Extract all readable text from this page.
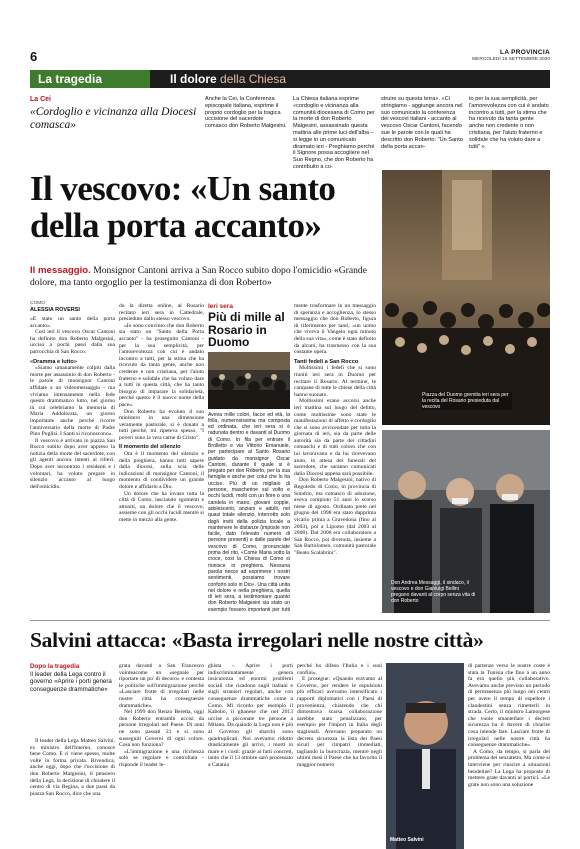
6	LA PROVINCIA
MERCOLEDÌ 16 SETTEMBRE 2020
La tragedia	Il dolore della Chiesa
La Cei
«Cordoglio e vicinanza alla Diocesi comasca»
Anche la Cei, la Conferenza episcopale italiana, esprime il proprio cordoglio per la tragica uccisione del sacerdote comasco don Roberto Malgesini.
La Chiesa italiana esprime «cordoglio e vicinanza alla comunità diocesana di Como per la morte di don Roberto Malgesini, assassinato questa mattina alle prime luci dell'alba – si legge in un comunicato diramato ieri - Preghiamo perché il Signore possa accogliere nel Suo Regno, che don Roberto ha contribuito a co-
struire su questa terra». «Ci stringiamo - aggiunge ancora nel suo comunicato la conferenza dei vescovi italiani - accanto al vescovo Oscar Cantoni, facendo sue le parole con le quali ha descritto don Roberto: "Un Santo della porta accan-
to per la sua semplicità, per l'amorevolezza con cui è andato incontro a tutti, per la stima che ha ricevuto da tanta gente anche non credente o non cristiana, per l'aiuto fraterno e solidale che ha voluto dare a tutti" ».
Il vescovo: «Un santo della porta accanto»
Il messaggio. Monsignor Cantoni arriva a San Rocco subito dopo l'omicidio «Grande dolore, ma tanto orgoglio per la testimonianza di don Roberto»
COMO
ALESSIA ROVERSI

«È stato un santo della porta accanto».

Così ieri il vescovo Oscar Cantoni ha definito don Roberto Malgesini, ucciso a pochi passi dalla sua parrocchia di San Rocco.

«Dramma e lutto»

«Siamo umanamente colpiti dalla morte per assassinio di don Roberto - le parole di monsignor Cantoni affidate a un videomessaggio - ma viviamo intensamente nella fede questo drammatico lutto, nel giorno in cui celebriamo la memoria di Maria Addolorata, un giorno importante anche perché ricorre l'anniversario della morte di Padre Pino Puglisi. I Santi si riconoscono».

Il vescovo è arrivato in piazza San Rocco subito dopo aver appreso la notizia della morte del sacerdote, con gli agenti ancora intenti ai rilievi. Dopo aver incontrato i residenti e i volontari, ha voluto pregare in silenzio accanto al luogo dell'omicidio.

do la diretta online, al Rosario recitato ieri sera in Cattedrale, presieduto dallo stesso vescovo.

«Io sono convinto che don Roberto sia stato un "Santo della Porta accanto" - ha proseguito Cantoni - per la sua semplicità, per l'amorevolezza con cui è andato incontro a tutti, per la stima che ha ricevuto da tanta gente, anche non credente e non cristiana, per l'aiuto fraterno e solidale che ha voluto dare a tutti in questa città, che ha tanto bisogno di imparare la solidarietà, perché questo è il nuovo nome della pace».

Don Roberto ha evoluto il suo ministero in una dimensione veramente pastorale, si è donato a tutti perché, mi ripeteva spesso, "I poveri sono la vera carne di Cristo".

Il momento del silenzio

Ora è il momento del silenzio e della preghiera, hanno tutti sapere dalla diocesi, sulla scia delle indicazioni di monsignor Cantoni, il momento di condividere un grande dolore e affidarlo a Dio.

Un dolore che ha invaso tutta la città di Como, lasciando sgomenti e attoniti, un dolore che il vescovo, assieme con gli occhi lucidi mentre si mette in mezzo alla gente.

Ieri sera
Più di mille al Rosario in Duomo
Aveva mille colori, facce ed età, la folla, numerosissima ma composta ed ordinata, che ieri sera si è radunata dentro e davanti al Duomo di Como. In fila per entrare il Brolletto e via Vittorio Emanuele, per partecipare al Santo Rosario guidato da monsignor Oscar Cantoni, durante il quale si è pregato per don Roberto, per la sua famiglia e anche per colui che lo ha ucciso. Più di un migliaio di persone, mascherine sul volto e occhi lucidi, molti con un fiore o una candela in mano, giovani coppie, adolescenti, anziani e adulti, nel quasi totale silenzio, interrotto solo dagli inviti della polizia locale a mantenere le distanze (imposte non facile, dato l'elevato numero di persone presenti) e dalle parole del vescovo di Como, pronunciate prima del rito, «Come Maria sotto la croce, così la Chiesa di Como si riunisce in preghiera. Nessuna parola riesce ad esprimere i nostri sentimenti, possiamo trovare conforto solo in Dio». Una città unita nel dolore e nella preghiera, quella di ieri sera, a testimoniare quanto don Roberto Malgesini sia stato un esempio fossero importanti per tutti

mente trasformare in un messaggio di speranza e accoglienza, lo stesso messaggio che don Roberto, figura di riferimento per tanti, «un uomo che viveva il Vangelo ogni minuto della sua vita», come è stato definito da alcuni, ha trasmesso con la sua costante opera.

Tanti fedeli a San Rocco

Moltissimi i fedeli che si sono riuniti ieri sera in Duomo per recitare il Rosario. Al termine, le campane di tutte le chiese della città hanno suonato.

Moltissimi erano accorsi anche ieri mattina sul luogo del delitto, come moltissime sono state le manifestazioni di affetto e cordoglio che si sono avvicendate per tutta la giornata di ieri, sia da parte delle autorità sia da parte dei cittadini comaschi e di tutti coloro che con lui lavoravano e da lui ricevevano aiuto, in attesa dei funerali del sacerdote, che saranno comunicati dalla Diocesi appena sarà possibile.

Don Roberto Malgesini, nativo di Regoledo di Cosio, in provincia di Sondrio, ma comasco di adozione, aveva compiuto 51 anni lo scorso mese di agosto. Ordinato prete nel giugno del 1998 era stato dapprima vicario prima a Gravedona (fino al 2003), poi a Lipomo (dal 2003 al 2008). Dal 2008 era collaboratore a San Rocco, poi divenuta, insieme a San Bartolomeo, comunità pastorale "Beato Scalabrini".

Piazza del Duomo gremita ieri sera per la recita del Rosario presieduta dal vescovo
Don Andrea Messaggi, il sindaco, il vescovo e don Gianluigi Bellini pregano davanti al corpo senza vita di don Roberto
Salvini attacca: «Basta irregolari nelle nostre città»
Dopo la tragedia
Il leader della Lega contro il governo «Aprire i porti genera conseguenze drammatiche»

Il leader della Lega Matteo Salvini, ex ministro dell'Interno, conosce bene Como. E ci viene spesso, molte volte in forma privata. Rivendica, anche oggi, dopo che l'uccisione di don Roberto Malgesini, il pensiero della Lega, la decisione di chiudere il centro di via Regina, a due passi da piazza San Rocco, dice che una

grata davanti a San Francesco vuinteacome un «segnale per riportare un po' di decoro» e contesta le politiche sull'immigrazione perché «Lasciare frotte di irregolari nelle nostre città ha conseguenze drammatiche».

Nel 1999 don Renzo Beretta, oggi don Roberto entrambi uccisi da persone irregolari nel Paese. Di anni ne sono passati 21 e si sono susseguiti Governi di ogni colore. Cosa non funziona?

«L'immigrazione è una ricchezza solo se regolare e controllata - risponde il leader le-

ghista -. Aprire i porti indiscriminatamente genera insicurezza ed enormi problemi sociali che ricadono sugli italiani e sugli stranieri regolari, anche con conseguenze drammatiche come a Como. Mi ricordo per esempio il Kabobo, il ghanese che nel 2013 uccise a picconate tre persone a Milano. Da quando la Lega non è più al Governo gli sbarchi sono quadruplicati. Noi avevamo ridotto drasticamente gli arrivi, i morti in mare e i costi: grazie ai fatti concreti, tanto che il 13 ottobre sarò processato a Catania

perché ho difeso l'Italia e i suoi confini».

E prosegue: «Quando eravamo al Governo, per rendere le espulsioni più efficaci avevamo intensificato i rapporti diplomatici con i Paesi di provenienza, chiarendo che chi dimostrava scarsa collaborazione sarebbe stato penalizzato, per esempio per l'import in Italia degli stagionali. Avevamo preparato un decreto sicurezza la lista dei Paesi sicuri per rimpatri immediati, tagliando la burocrazia, mentre negli ultimi mesi il Paese che ha favorito il maggior numero

Matteo Salvini

di partenze verso le nostre coste è stata la Tunisia che fino a un anno fa era quello più collaborativo. Avevamo anche previsto un periodo di permanenza più lungo nei centri per avere il tempo di espellere i clandestini senza rimetterli in strada. Certo, il ministro Lamorgese che vuole smantellare i decreti sicurezza ha il dovere di chiarire cosa intende fare. Lasciare frotte di irregolari nelle nostre città ha conseguenze drammatiche».

A Como, da tempo, si parla del problema dei senzatetto. Ma come si interviene per riuscire a situazioni bendeline? La Lega ha proposto di mettere grate davanti ai portici. «Le grate non sono una soluzione
